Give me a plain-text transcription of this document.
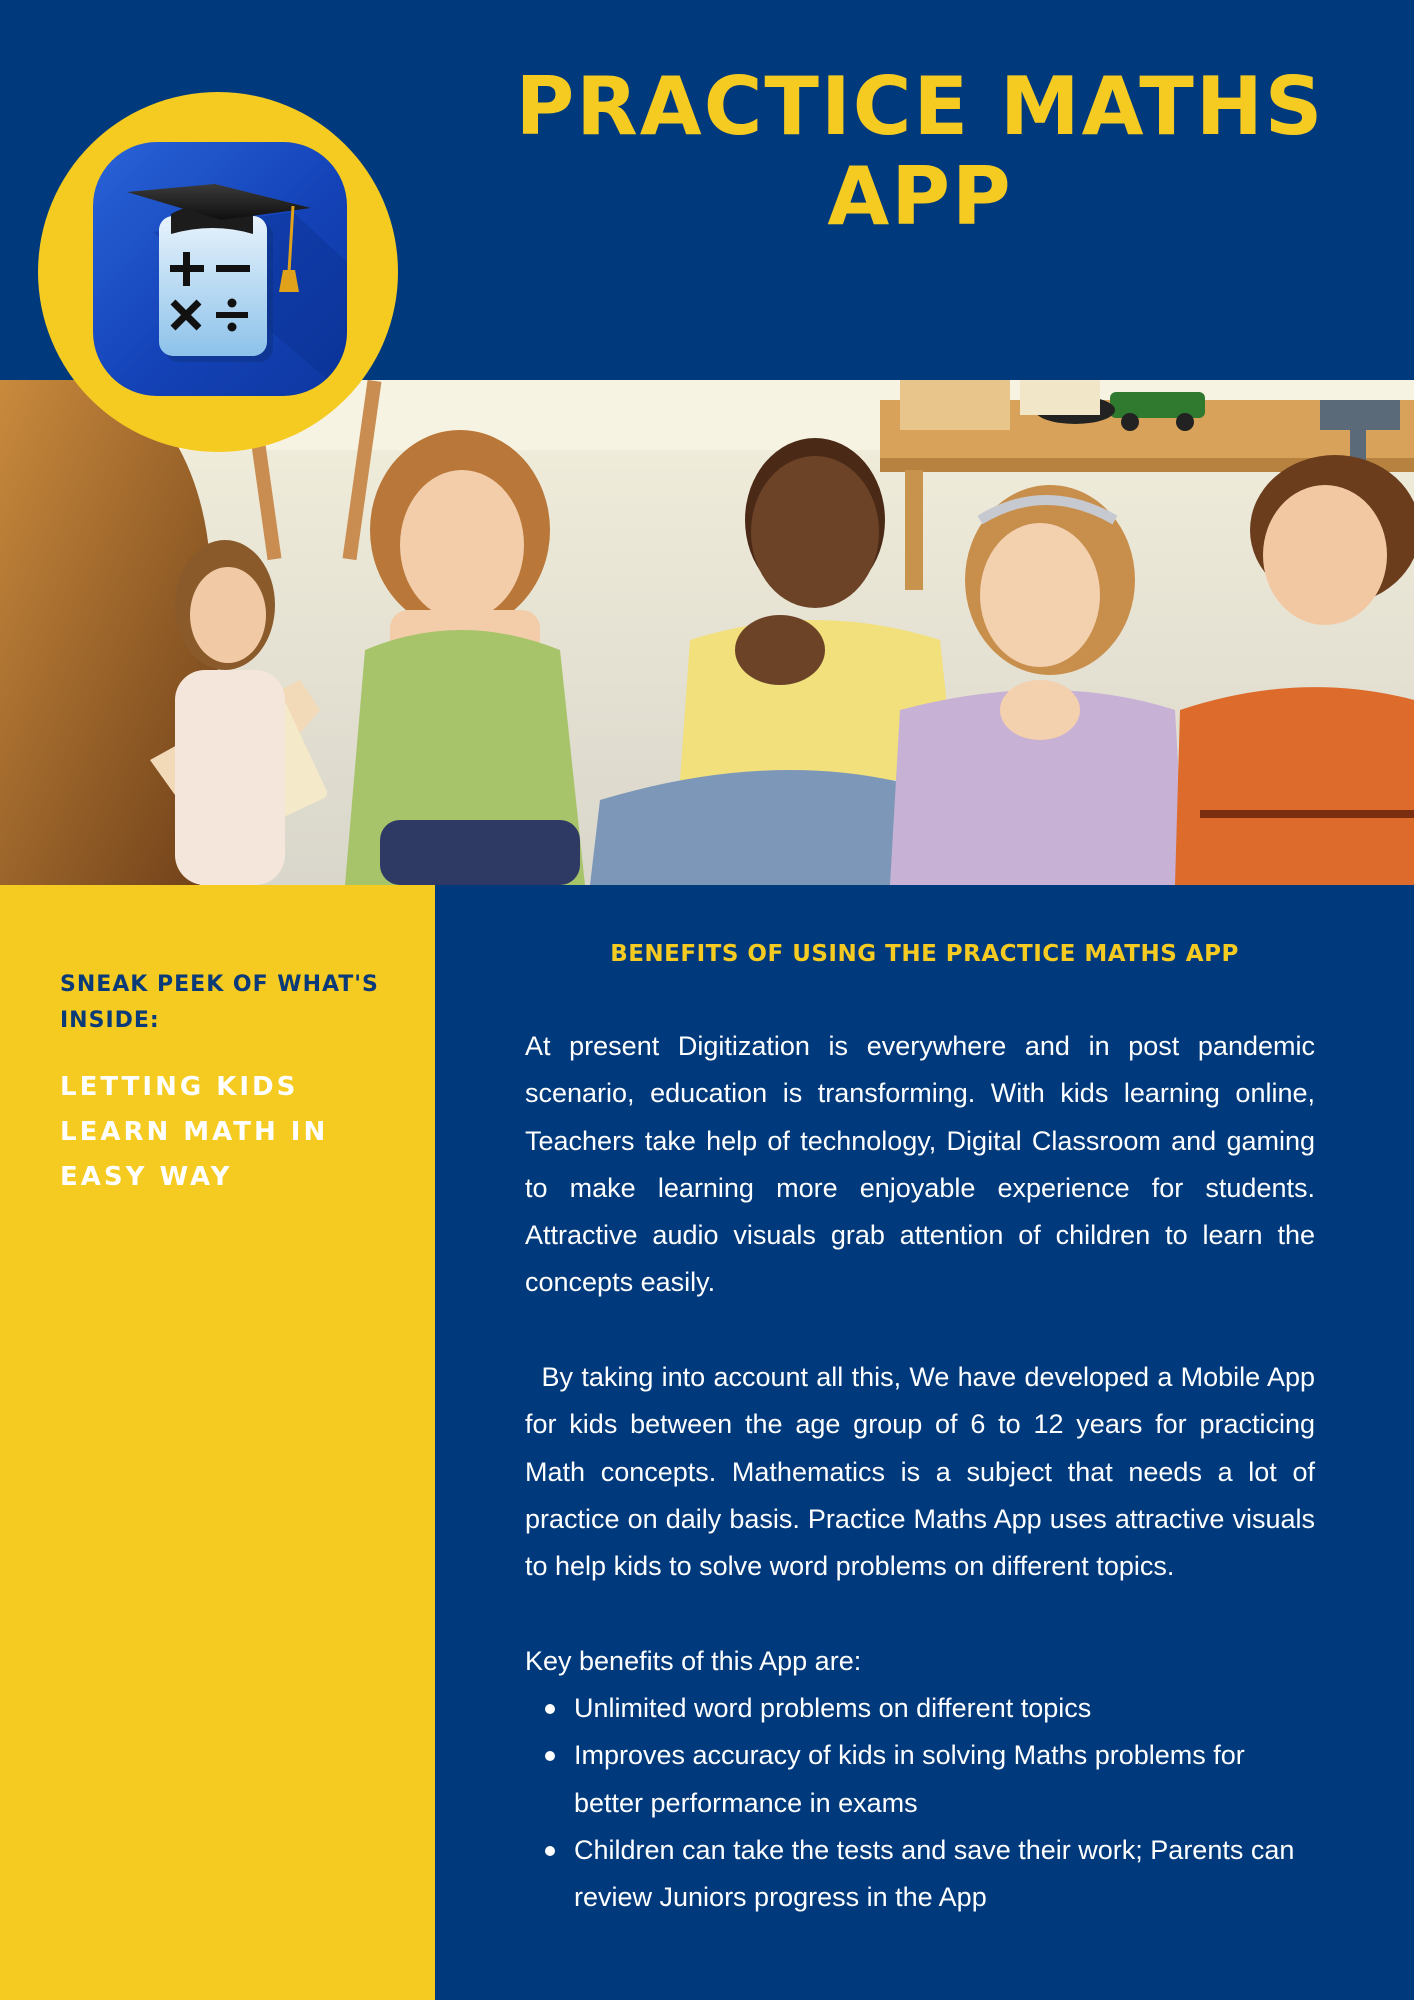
PRACTICE MATHS
APP
SNEAK PEEK OF WHAT'S
INSIDE:
LETTING KIDS
LEARN MATH IN
EASY WAY
BENEFITS OF USING THE PRACTICE MATHS APP

At present Digitization is everywhere and in post pandemic scenario, education is transforming. With kids learning online, Teachers take help of technology, Digital Classroom and gaming to make learning more enjoyable experience for students. Attractive audio visuals grab attention of children to learn the concepts easily.

By taking into account all this, We have developed a Mobile App for kids between the age group of 6 to 12 years for practicing Math concepts. Mathematics is a subject that needs a lot of practice on daily basis. Practice Maths App uses attractive visuals to help kids to solve word problems on different topics.

Key benefits of this App are:

Unlimited word problems on different topics
Improves accuracy of kids in solving Maths problems for better performance in exams
Children can take the tests and save their work; Parents can review Juniors progress in the App
